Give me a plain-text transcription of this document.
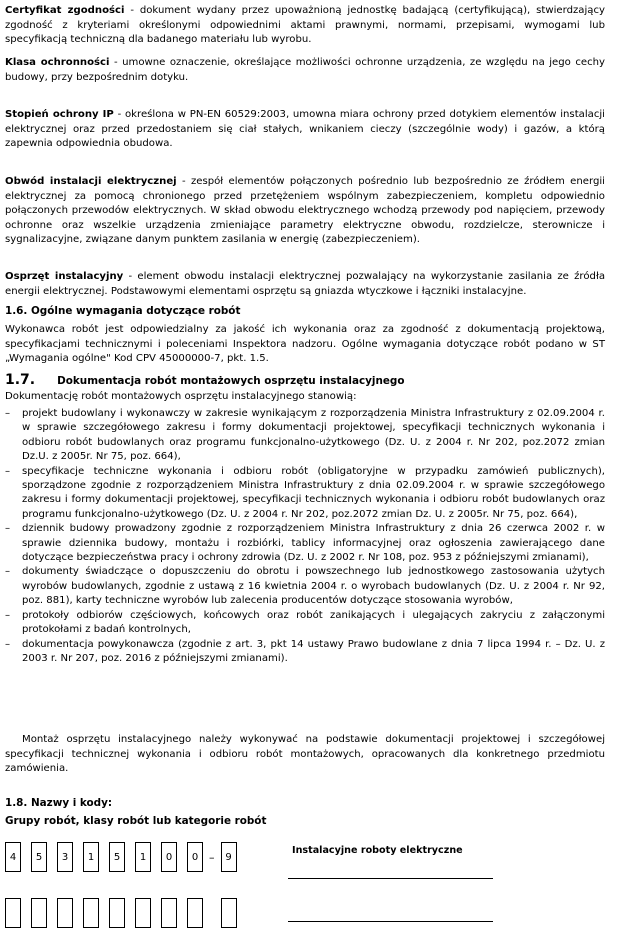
Certyfikat zgodności - dokument wydany przez upoważnioną jednostkę badającą (certyfikującą), stwierdzający zgodność z kryteriami określonymi odpowiednimi aktami prawnymi, normami, przepisami, wymogami lub specyfikacją techniczną dla badanego materiału lub wyrobu.
Klasa ochronności - umowne oznaczenie, określające możliwości ochronne urządzenia, ze względu na jego cechy budowy, przy bezpośrednim dotyku.
Stopień ochrony IP - określona w PN-EN 60529:2003, umowna miara ochrony przed dotykiem elementów instalacji elektrycznej oraz przed przedostaniem się ciał stałych, wnikaniem cieczy (szczególnie wody) i gazów, a którą zapewnia odpowiednia obudowa.
Obwód instalacji elektrycznej - zespół elementów połączonych pośrednio lub bezpośrednio ze źródłem energii elektrycznej za pomocą chronionego przed przetężeniem wspólnym zabezpieczeniem, kompletu odpowiednio połączonych przewodów elektrycznych. W skład obwodu elektrycznego wchodzą przewody pod napięciem, przewody ochronne oraz wszelkie urządzenia zmieniające parametry elektryczne obwodu, rozdzielcze, sterownicze i sygnalizacyjne, związane danym punktem zasilania w energię (zabezpieczeniem).
Osprzęt instalacyjny - element obwodu instalacji elektrycznej pozwalający na wykorzystanie zasilania ze źródła energii elektrycznej. Podstawowymi elementami osprzętu są gniazda wtyczkowe i łączniki instalacyjne.
1.6. Ogólne wymagania dotyczące robót
Wykonawca robót jest odpowiedzialny za jakość ich wykonania oraz za zgodność z dokumentacją projektową, specyfikacjami technicznymi i poleceniami Inspektora nadzoru. Ogólne wymagania dotyczące robót podano w ST „Wymagania ogólne" Kod CPV 45000000-7, pkt. 1.5.
1.7. Dokumentacja robót montażowych osprzętu instalacyjnego
Dokumentację robót montażowych osprzętu instalacyjnego stanowią:
– projekt budowlany i wykonawczy w zakresie wynikającym z rozporządzenia Ministra Infrastruktury z 02.09.2004 r. w sprawie szczegółowego zakresu i formy dokumentacji projektowej, specyfikacji technicznych wykonania i odbioru robót budowlanych oraz programu funkcjonalno-użytkowego (Dz. U. z 2004 r. Nr 202, poz.2072 zmian Dz.U. z 2005r. Nr 75, poz. 664),
– specyfikacje techniczne wykonania i odbioru robót (obligatoryjne w przypadku zamówień publicznych), sporządzone zgodnie z rozporządzeniem Ministra Infrastruktury z dnia 02.09.2004 r. w sprawie szczegółowego zakresu i formy dokumentacji projektowej, specyfikacji technicznych wykonania i odbioru robót budowlanych oraz programu funkcjonalno-użytkowego (Dz. U. z 2004 r. Nr 202, poz.2072 zmian Dz. U. z 2005r. Nr 75, poz. 664),
– dziennik budowy prowadzony zgodnie z rozporządzeniem Ministra Infrastruktury z dnia 26 czerwca 2002 r. w sprawie dziennika budowy, montażu i rozbiórki, tablicy informacyjnej oraz ogłoszenia zawierającego dane dotyczące bezpieczeństwa pracy i ochrony zdrowia (Dz. U. z 2002 r. Nr 108, poz. 953 z późniejszymi zmianami),
– dokumenty świadczące o dopuszczeniu do obrotu i powszechnego lub jednostkowego zastosowania użytych wyrobów budowlanych, zgodnie z ustawą z 16 kwietnia 2004 r. o wyrobach budowlanych (Dz. U. z 2004 r. Nr 92, poz. 881), karty techniczne wyrobów lub zalecenia producentów dotyczące stosowania wyrobów,
– protokoły odbiorów częściowych, końcowych oraz robót zanikających i ulegających zakryciu z załączonymi protokołami z badań kontrolnych,
– dokumentacja powykonawcza (zgodnie z art. 3, pkt 14 ustawy Prawo budowlane z dnia 7 lipca 1994 r. – Dz. U. z 2003 r. Nr 207, poz. 2016 z późniejszymi zmianami).
Montaż osprzętu instalacyjnego należy wykonywać na podstawie dokumentacji projektowej i szczegółowej specyfikacji technicznej wykonania i odbioru robót montażowych, opracowanych dla konkretnego przedmiotu zamówienia.
1.8. Nazwy i kody:
Grupy robót, klasy robót lub kategorie robót
4	5	3	1	5	1	0	0 –	9
Instalacyjne roboty elektryczne
